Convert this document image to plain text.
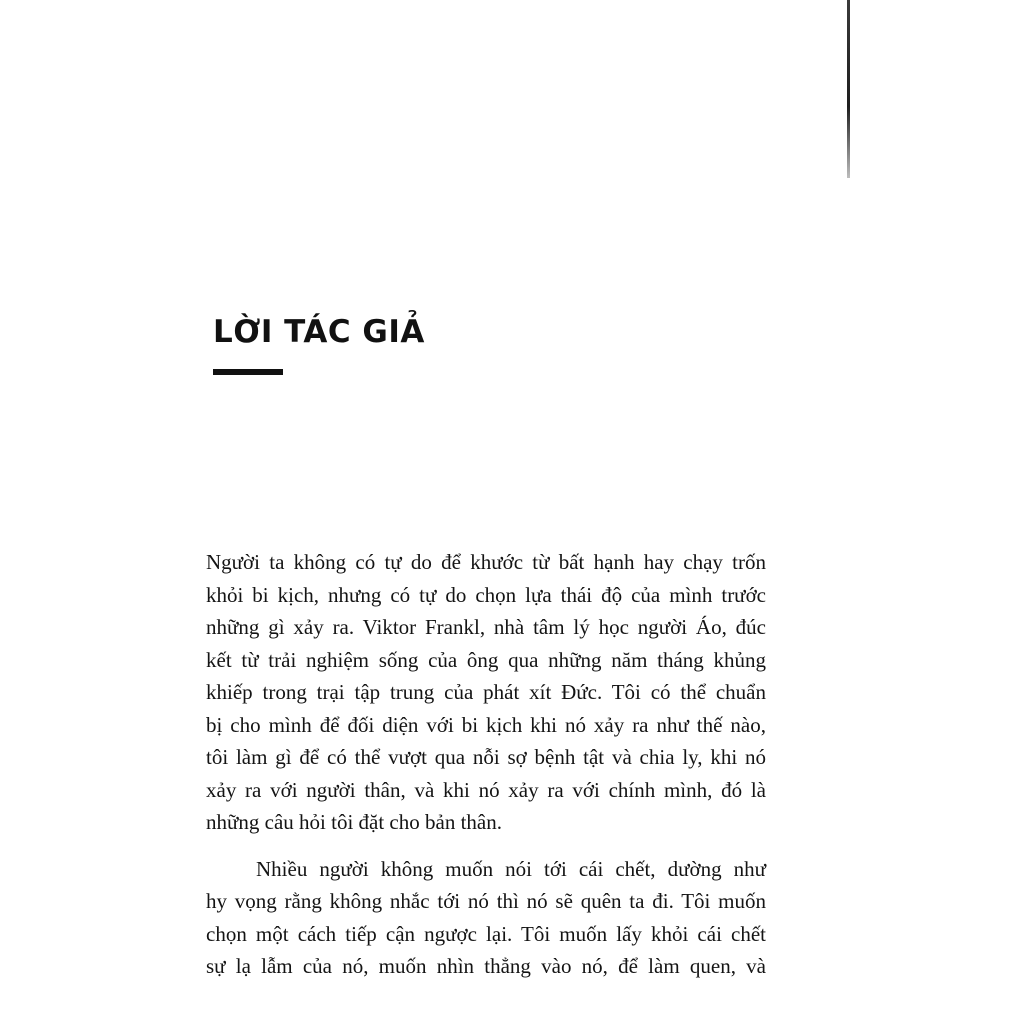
LỜI TÁC GIẢ
Người ta không có tự do để khước từ bất hạnh hay chạy trốn
khỏi bi kịch, nhưng có tự do chọn lựa thái độ của mình trước
những gì xảy ra. Viktor Frankl, nhà tâm lý học người Áo, đúc
kết từ trải nghiệm sống của ông qua những năm tháng khủng
khiếp trong trại tập trung của phát xít Đức. Tôi có thể chuẩn
bị cho mình để đối diện với bi kịch khi nó xảy ra như thế nào,
tôi làm gì để có thể vượt qua nỗi sợ bệnh tật và chia ly, khi nó
xảy ra với người thân, và khi nó xảy ra với chính mình, đó là
những câu hỏi tôi đặt cho bản thân.
Nhiều người không muốn nói tới cái chết, dường như
hy vọng rằng không nhắc tới nó thì nó sẽ quên ta đi. Tôi muốn
chọn một cách tiếp cận ngược lại. Tôi muốn lấy khỏi cái chết
sự lạ lẫm của nó, muốn nhìn thẳng vào nó, để làm quen, và
